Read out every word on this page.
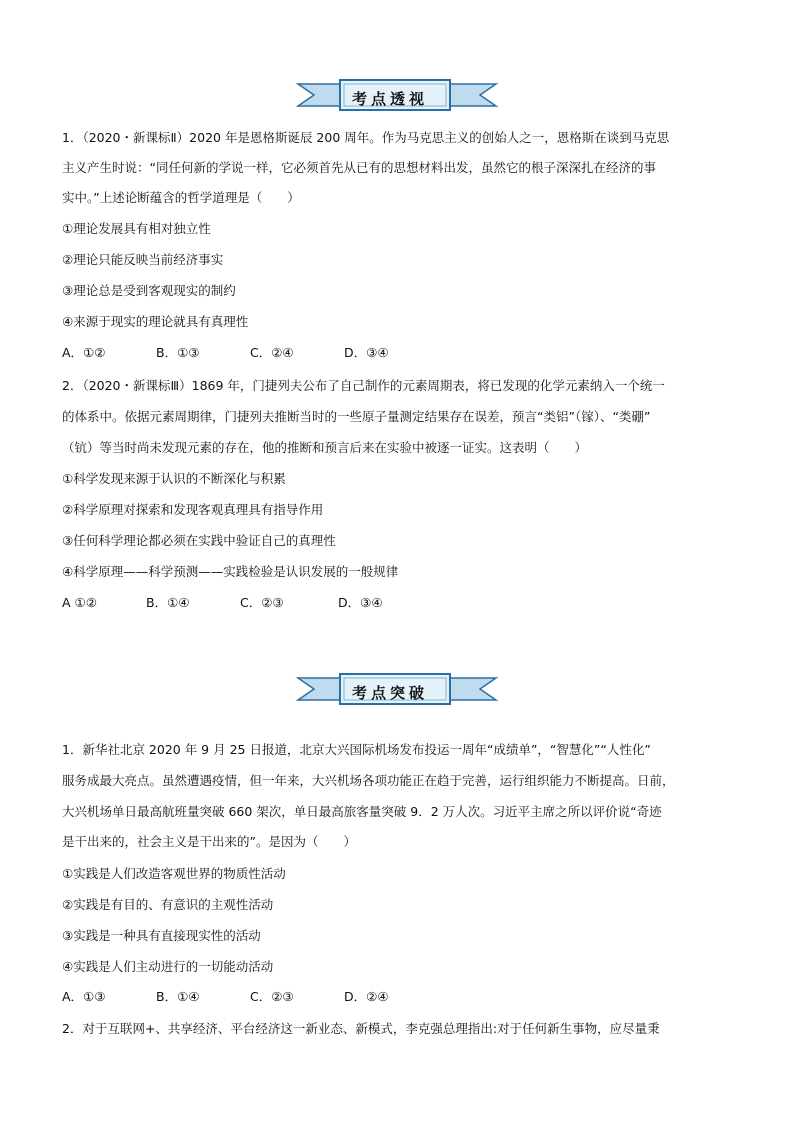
考点透视
1．（2020・新课标Ⅱ）2020 年是恩格斯诞辰 200 周年。作为马克思主义的创始人之一，恩格斯在谈到马克思
主义产生时说：“同任何新的学说一样，它必须首先从已有的思想材料出发，虽然它的根子深深扎在经济的事
实中。”上述论断蕴含的哲学道理是（　　）
①理论发展具有相对独立性
②理论只能反映当前经济事实
③理论总是受到客观现实的制约
④来源于现实的理论就具有真理性
A．①②	B．①③	C．②④	D．③④
2．（2020・新课标Ⅲ）1869 年，门捷列夫公布了自己制作的元素周期表，将已发现的化学元素纳入一个统一
的体系中。依据元素周期律，门捷列夫推断当时的一些原子量测定结果存在误差，预言“类铝”（镓）、“类硼”
（钪）等当时尚未发现元素的存在，他的推断和预言后来在实验中被逐一证实。这表明（　　）
①科学发现来源于认识的不断深化与积累
②科学原理对探索和发现客观真理具有指导作用
③任何科学理论都必须在实践中验证自己的真理性
④科学原理——科学预测——实践检验是认识发展的一般规律
A ①②	B．①④	C．②③	D．③④
考点突破
1．新华社北京 2020 年 9 月 25 日报道，北京大兴国际机场发布投运一周年“成绩单”，“智慧化”“人性化”
服务成最大亮点。虽然遭遇疫情，但一年来，大兴机场各项功能正在趋于完善，运行组织能力不断提高。日前，
大兴机场单日最高航班量突破 660 架次，单日最高旅客量突破 9．2 万人次。习近平主席之所以评价说“奇迹
是干出来的，社会主义是干出来的”。是因为（　　）
①实践是人们改造客观世界的物质性活动
②实践是有目的、有意识的主观性活动
③实践是一种具有直接现实性的活动
④实践是人们主动进行的一切能动活动
A．①③	B．①④	C．②③	D．②④
2．对于互联网+、共享经济、平台经济这一新业态、新模式，李克强总理指出:对于任何新生事物，应尽量秉
